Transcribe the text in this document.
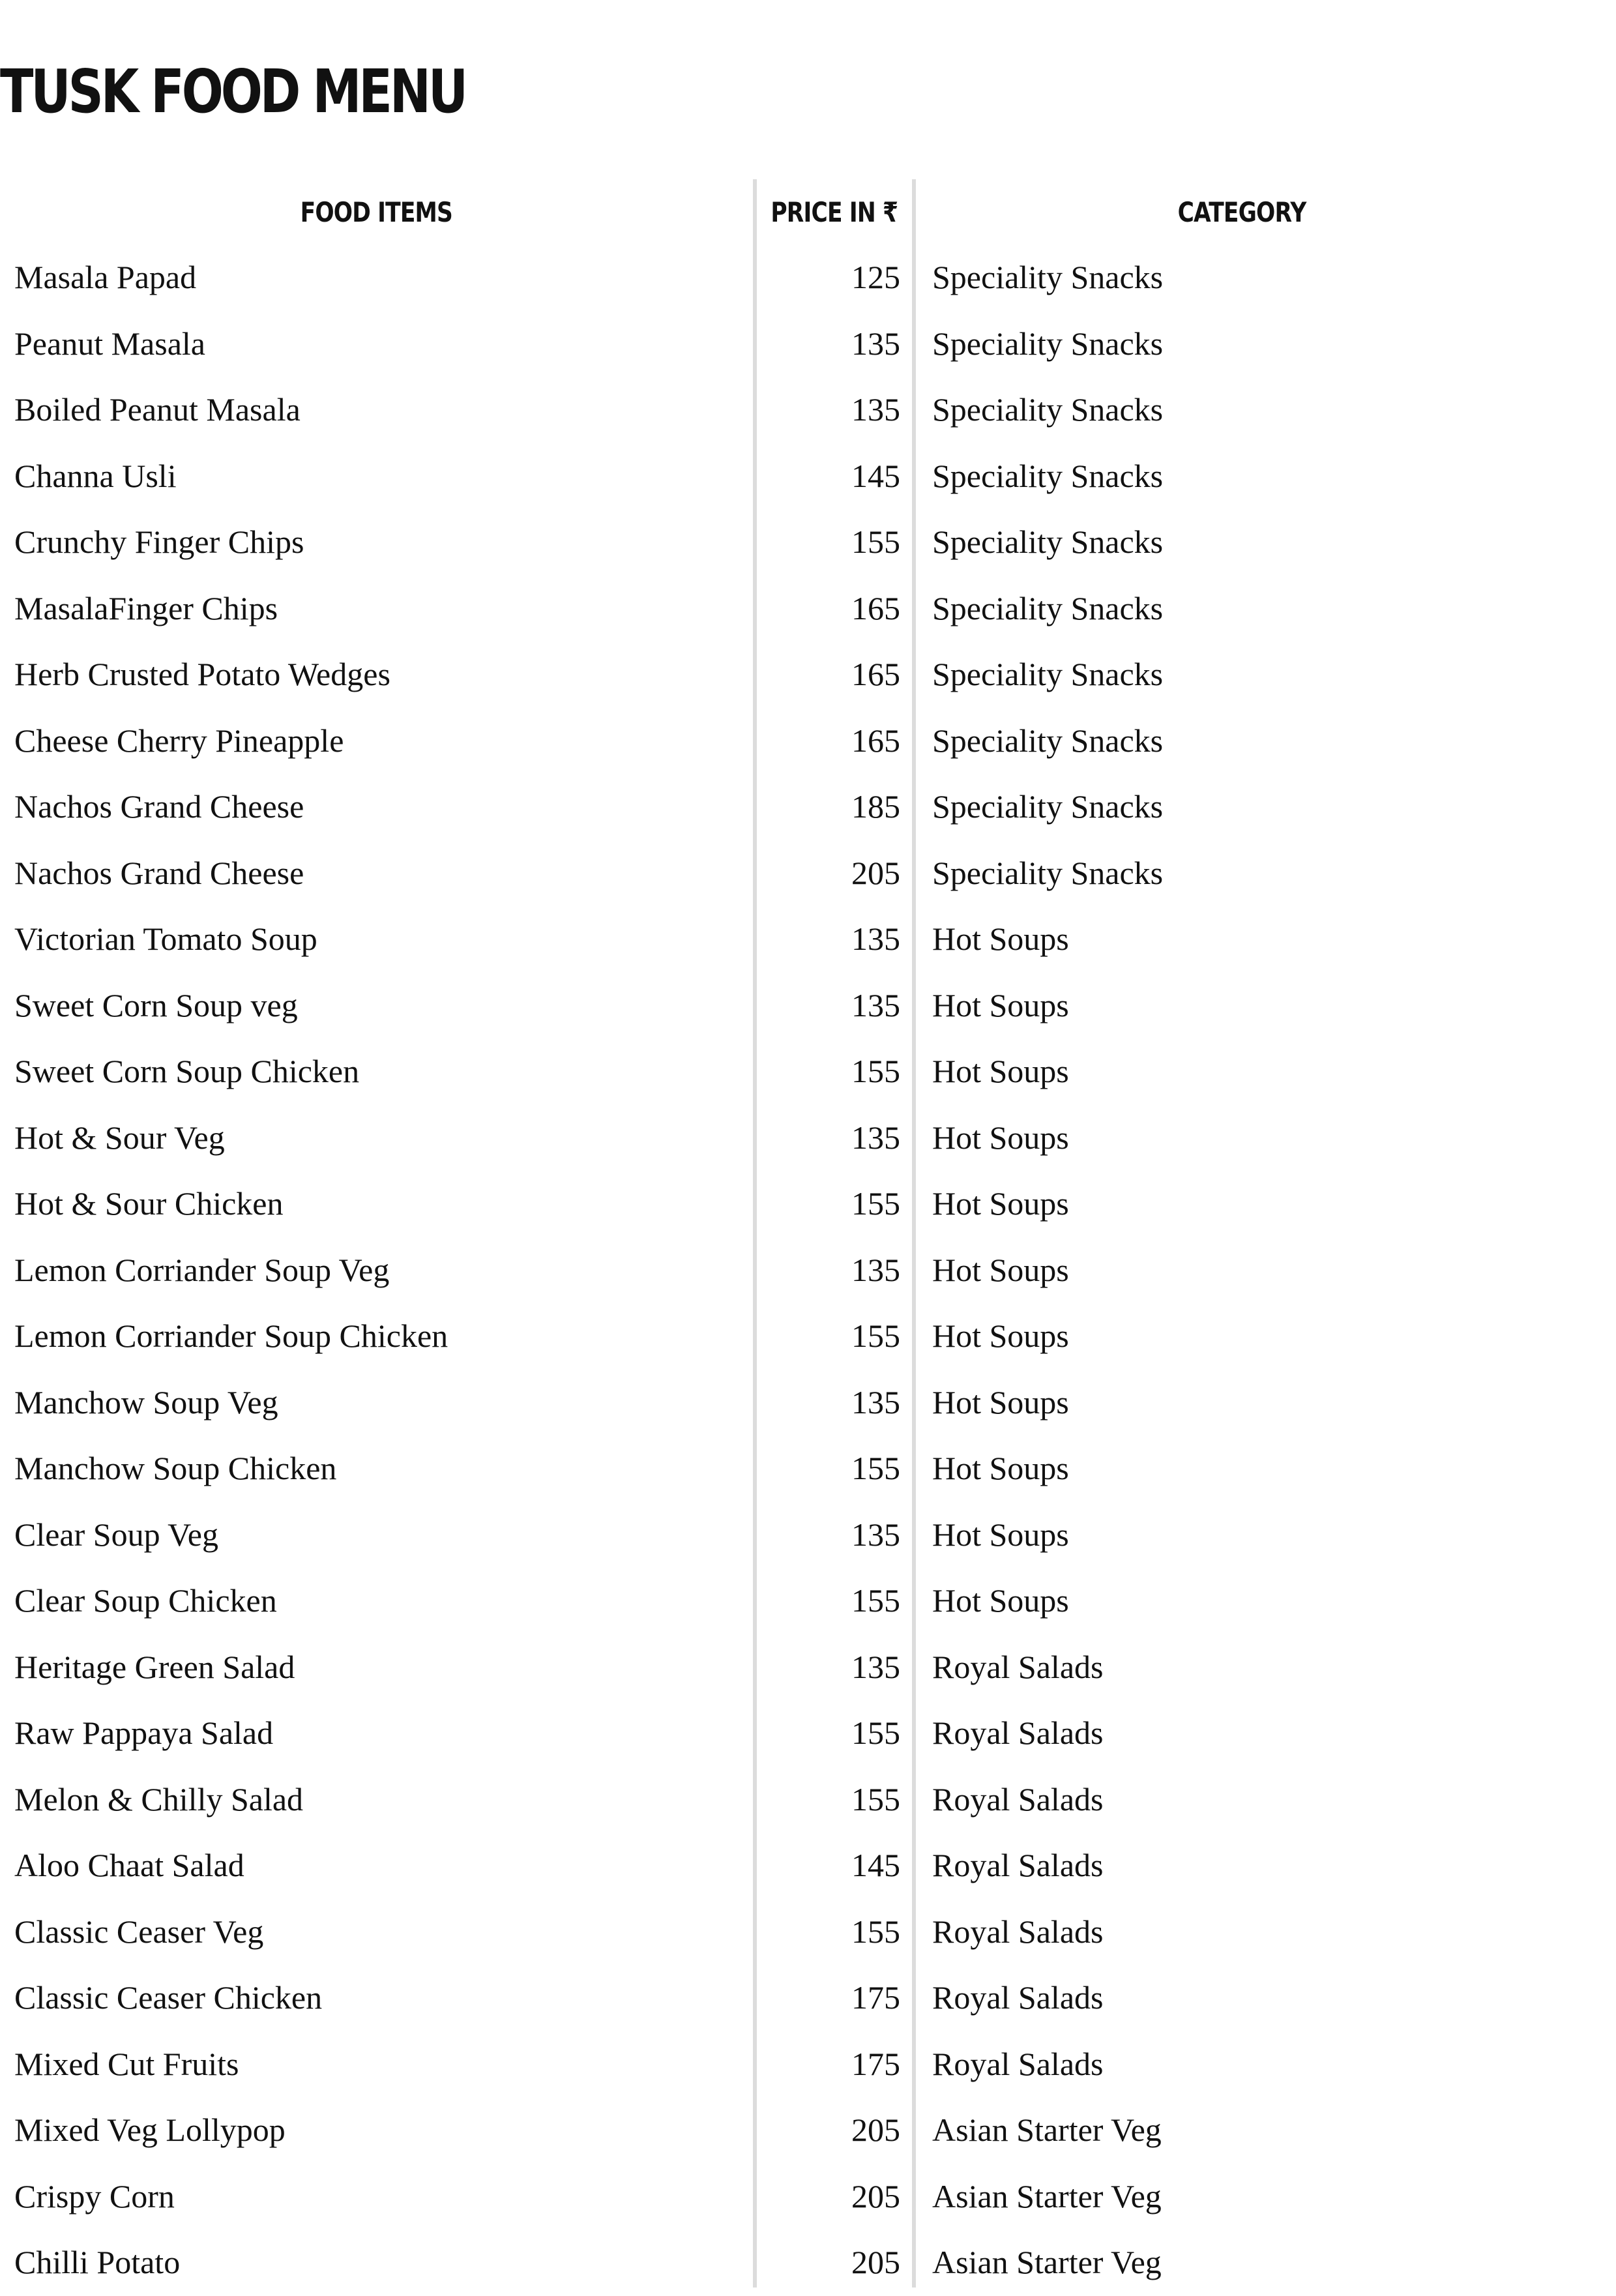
TUSK FOOD MENU
FOOD ITEMS	PRICE IN ₹	CATEGORY
Masala Papad	125 Speciality Snacks
Peanut Masala	135 Speciality Snacks
Boiled Peanut Masala	135 Speciality Snacks
Channa Usli	145 Speciality Snacks
Crunchy Finger Chips	155 Speciality Snacks
MasalaFinger Chips	165 Speciality Snacks
Herb Crusted Potato Wedges	165 Speciality Snacks
Cheese Cherry Pineapple	165 Speciality Snacks
Nachos Grand Cheese	185 Speciality Snacks
Nachos Grand Cheese	205 Speciality Snacks
Victorian Tomato Soup	135 Hot Soups
Sweet Corn Soup veg	135 Hot Soups
Sweet Corn Soup Chicken	155 Hot Soups
Hot & Sour Veg	135 Hot Soups
Hot & Sour Chicken	155 Hot Soups
Lemon Corriander Soup Veg	135 Hot Soups
Lemon Corriander Soup Chicken	155 Hot Soups
Manchow Soup Veg	135 Hot Soups
Manchow Soup Chicken	155 Hot Soups
Clear Soup Veg	135 Hot Soups
Clear Soup Chicken	155 Hot Soups
Heritage Green Salad	135 Royal Salads
Raw Pappaya Salad	155 Royal Salads
Melon & Chilly Salad	155 Royal Salads
Aloo Chaat Salad	145 Royal Salads
Classic Ceaser Veg	155 Royal Salads
Classic Ceaser Chicken	175 Royal Salads
Mixed Cut Fruits	175 Royal Salads
Mixed Veg Lollypop	205 Asian Starter Veg
Crispy Corn	205 Asian Starter Veg
Chilli Potato	205 Asian Starter Veg
